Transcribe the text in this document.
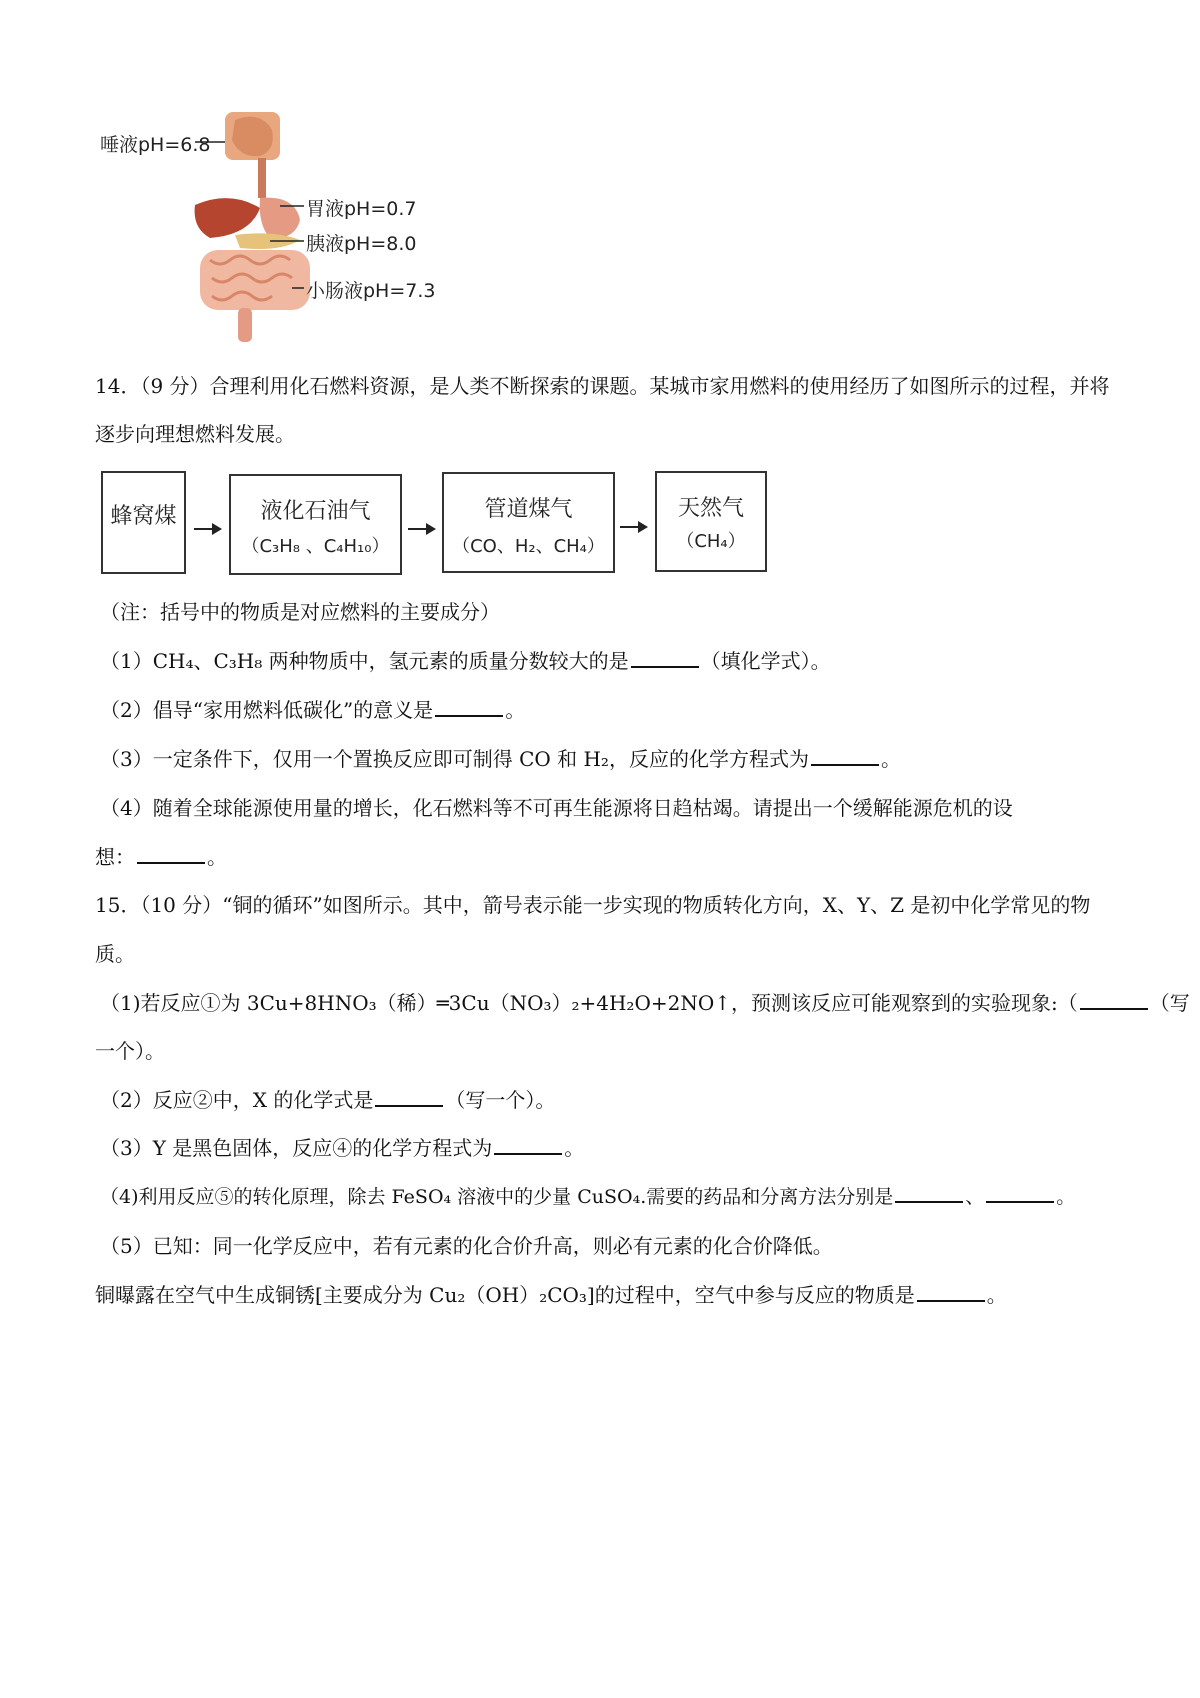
唾液pH=6.8
胃液pH=0.7
胰液pH=8.0
小肠液pH=7.3
14．（9 分）合理利用化石燃料资源，是人类不断探索的课题。某城市家用燃料的使用经历了如图所示的过程，并将
逐步向理想燃料发展。
蜂窝煤	液化石油气
（C₃H₈ 、C₄H₁₀）
管道煤气
（CO、H₂、CH₄）
天然气
（CH₄）
（注：括号中的物质是对应燃料的主要成分）
（1）CH₄、C₃H₈ 两种物质中，氢元素的质量分数较大的是	（填化学式）。
（2）倡导“家用燃料低碳化”的意义是	。
（3）一定条件下，仅用一个置换反应即可制得 CO 和 H₂，反应的化学方程式为	。
（4）随着全球能源使用量的增长，化石燃料等不可再生能源将日趋枯竭。请提出一个缓解能源危机的设
想：	。
15．（10 分）“铜的循环”如图所示。其中，箭号表示能一步实现的物质转化方向，X、Y、Z 是初中化学常见的物
质。
（1)若反应①为 3Cu+8HNO₃（稀）═3Cu（NO₃）₂+4H₂O+2NO↑，预测该反应可能观察到的实验现象:（	（写
一个）。
（2）反应②中，X 的化学式是	（写一个）。
（3）Y 是黑色固体，反应④的化学方程式为	。
（4)利用反应⑤的转化原理，除去 FeSO₄ 溶液中的少量 CuSO₄.需要的药品和分离方法分别是	、	。
（5）已知：同一化学反应中，若有元素的化合价升高，则必有元素的化合价降低。
铜曝露在空气中生成铜锈[主要成分为 Cu₂（OH）₂CO₃]的过程中，空气中参与反应的物质是	。
